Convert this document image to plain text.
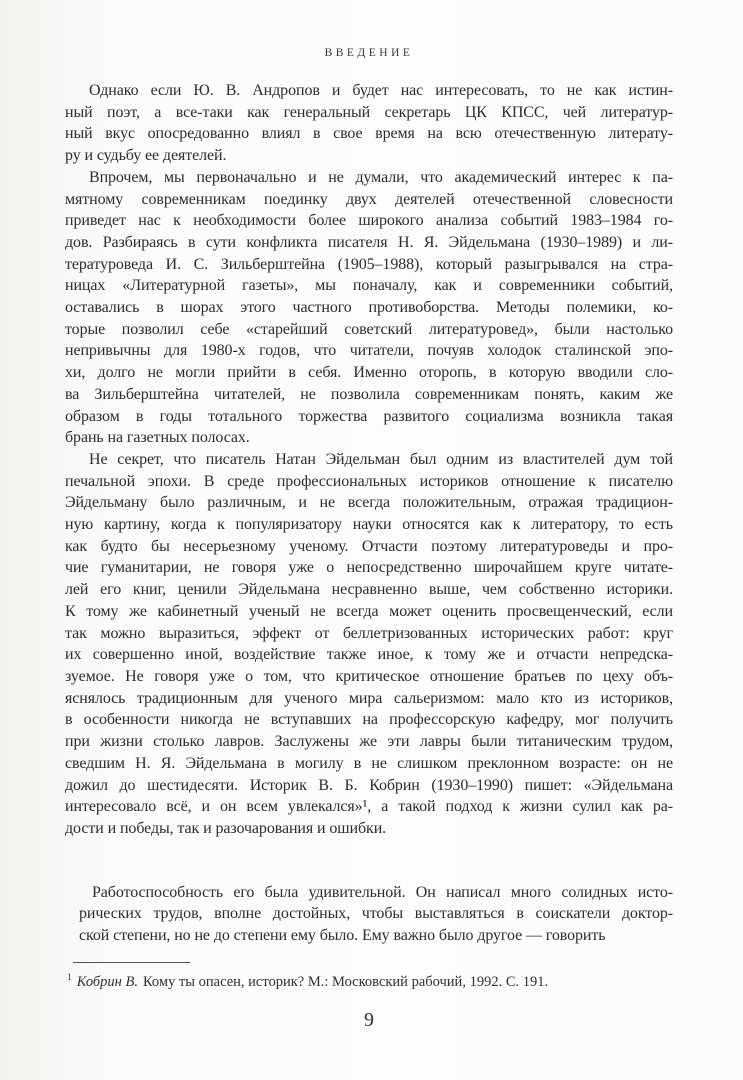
ВВЕДЕНИЕ
Однако если Ю. В. Андропов и будет нас интересовать, то не как истин-
ный поэт, а все-таки как генеральный секретарь ЦК КПСС, чей литератур-
ный вкус опосредованно влиял в свое время на всю отечественную литерату-
ру и судьбу ее деятелей.
Впрочем, мы первоначально и не думали, что академический интерес к па-
мятному современникам поединку двух деятелей отечественной словесности
приведет нас к необходимости более широкого анализа событий 1983–1984 го-
дов. Разбираясь в сути конфликта писателя Н. Я. Эйдельмана (1930–1989) и ли-
тературоведа И. С. Зильберштейна (1905–1988), который разыгрывался на стра-
ницах «Литературной газеты», мы поначалу, как и современники событий,
оставались в шорах этого частного противоборства. Методы полемики, ко-
торые позволил себе «старейший советский литературовед», были настолько
непривычны для 1980-х годов, что читатели, почуяв холодок сталинской эпо-
хи, долго не могли прийти в себя. Именно оторопь, в которую вводили сло-
ва Зильберштейна читателей, не позволила современникам понять, каким же
образом в годы тотального торжества развитого социализма возникла такая
брань на газетных полосах.
Не секрет, что писатель Натан Эйдельман был одним из властителей дум той
печальной эпохи. В среде профессиональных историков отношение к писателю
Эйдельману было различным, и не всегда положительным, отражая традицион-
ную картину, когда к популяризатору науки относятся как к литератору, то есть
как будто бы несерьезному ученому. Отчасти поэтому литературоведы и про-
чие гуманитарии, не говоря уже о непосредственно широчайшем круге читате-
лей его книг, ценили Эйдельмана несравненно выше, чем собственно историки.
К тому же кабинетный ученый не всегда может оценить просвещенческий, если
так можно выразиться, эффект от беллетризованных исторических работ: круг
их совершенно иной, воздействие также иное, к тому же и отчасти непредска-
зуемое. Не говоря уже о том, что критическое отношение братьев по цеху объ-
яснялось традиционным для ученого мира сальеризмом: мало кто из историков,
в особенности никогда не вступавших на профессорскую кафедру, мог получить
при жизни столько лавров. Заслужены же эти лавры были титаническим трудом,
сведшим Н. Я. Эйдельмана в могилу в не слишком преклонном возрасте: он не
дожил до шестидесяти. Историк В. Б. Кобрин (1930–1990) пишет: «Эйдельмана
интересовало всё, и он всем увлекался»¹, а такой подход к жизни сулил как ра-
дости и победы, так и разочарования и ошибки.
Работоспособность его была удивительной. Он написал много солидных исто-
рических трудов, вполне достойных, чтобы выставляться в соискатели доктор-
ской степени, но не до степени ему было. Ему важно было другое — говорить

$^1$ Кобрин В. Кому ты опасен, историк? М.: Московский рабочий, 1992. С. 191.

9
